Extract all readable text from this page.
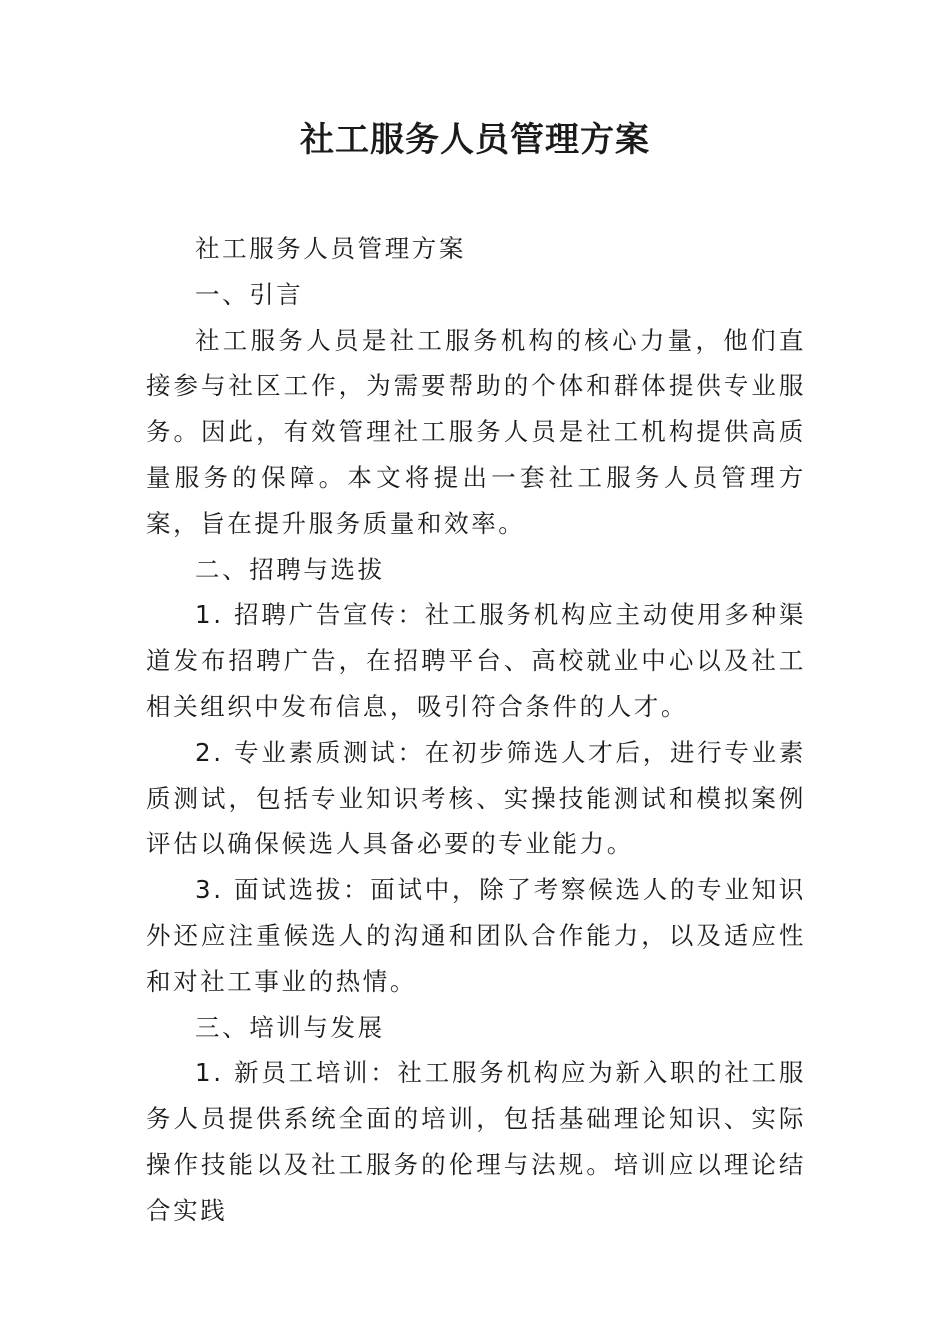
社工服务人员管理方案

社工服务人员管理方案

一、引言

社工服务人员是社工服务机构的核心力量，他们直接参与社区工作，为需要帮助的个体和群体提供专业服务。因此，有效管理社工服务人员是社工机构提供高质量服务的保障。本文将提出一套社工服务人员管理方案，旨在提升服务质量和效率。

二、招聘与选拔

1. 招聘广告宣传：社工服务机构应主动使用多种渠道发布招聘广告，在招聘平台、高校就业中心以及社工相关组织中发布信息，吸引符合条件的人才。

2. 专业素质测试：在初步筛选人才后，进行专业素质测试，包括专业知识考核、实操技能测试和模拟案例评估以确保候选人具备必要的专业能力。

3. 面试选拔：面试中，除了考察候选人的专业知识外还应注重候选人的沟通和团队合作能力，以及适应性和对社工事业的热情。

三、培训与发展

1. 新员工培训：社工服务机构应为新入职的社工服务人员提供系统全面的培训，包括基础理论知识、实际操作技能以及社工服务的伦理与法规。培训应以理论结合实践
